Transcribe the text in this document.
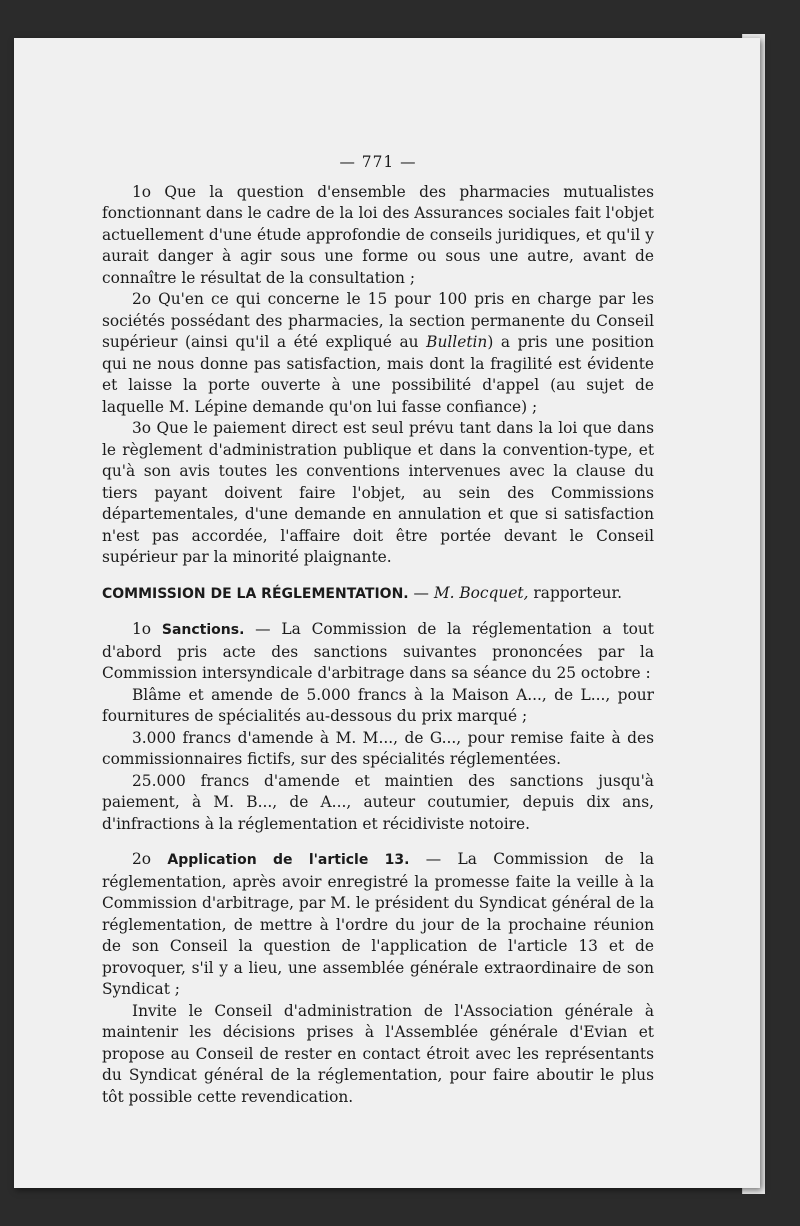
— 771 —

1o Que la question d'ensemble des pharmacies mutualistes fonctionnant dans le cadre de la loi des Assurances sociales fait l'objet actuellement d'une étude approfondie de conseils juridiques, et qu'il y aurait danger à agir sous une forme ou sous une autre, avant de connaître le résultat de la consultation ;

2o Qu'en ce qui concerne le 15 pour 100 pris en charge par les sociétés possédant des pharmacies, la section permanente du Conseil supérieur (ainsi qu'il a été expliqué au Bulletin) a pris une position qui ne nous donne pas satisfaction, mais dont la fragilité est évidente et laisse la porte ouverte à une possibilité d'appel (au sujet de laquelle M. Lépine demande qu'on lui fasse confiance) ;

3o Que le paiement direct est seul prévu tant dans la loi que dans le règlement d'administration publique et dans la convention-type, et qu'à son avis toutes les conventions intervenues avec la clause du tiers payant doivent faire l'objet, au sein des Commissions départementales, d'une demande en annulation et que si satisfaction n'est pas accordée, l'affaire doit être portée devant le Conseil supérieur par la minorité plaignante.

COMMISSION DE LA RÉGLEMENTATION. — M. Bocquet, rapporteur.

1o Sanctions. — La Commission de la réglementation a tout d'abord pris acte des sanctions suivantes prononcées par la Commission intersyndicale d'arbitrage dans sa séance du 25 octobre :

Blâme et amende de 5.000 francs à la Maison A..., de L..., pour fournitures de spécialités au-dessous du prix marqué ;

3.000 francs d'amende à M. M..., de G..., pour remise faite à des commissionnaires fictifs, sur des spécialités réglementées.

25.000 francs d'amende et maintien des sanctions jusqu'à paiement, à M. B..., de A..., auteur coutumier, depuis dix ans, d'infractions à la réglementation et récidiviste notoire.

2o Application de l'article 13. — La Commission de la réglementation, après avoir enregistré la promesse faite la veille à la Commission d'arbitrage, par M. le président du Syndicat général de la réglementation, de mettre à l'ordre du jour de la prochaine réunion de son Conseil la question de l'application de l'article 13 et de provoquer, s'il y a lieu, une assemblée générale extraordinaire de son Syndicat ;

Invite le Conseil d'administration de l'Association générale à maintenir les décisions prises à l'Assemblée générale d'Evian et propose au Conseil de rester en contact étroit avec les représentants du Syndicat général de la réglementation, pour faire aboutir le plus tôt possible cette revendication.
